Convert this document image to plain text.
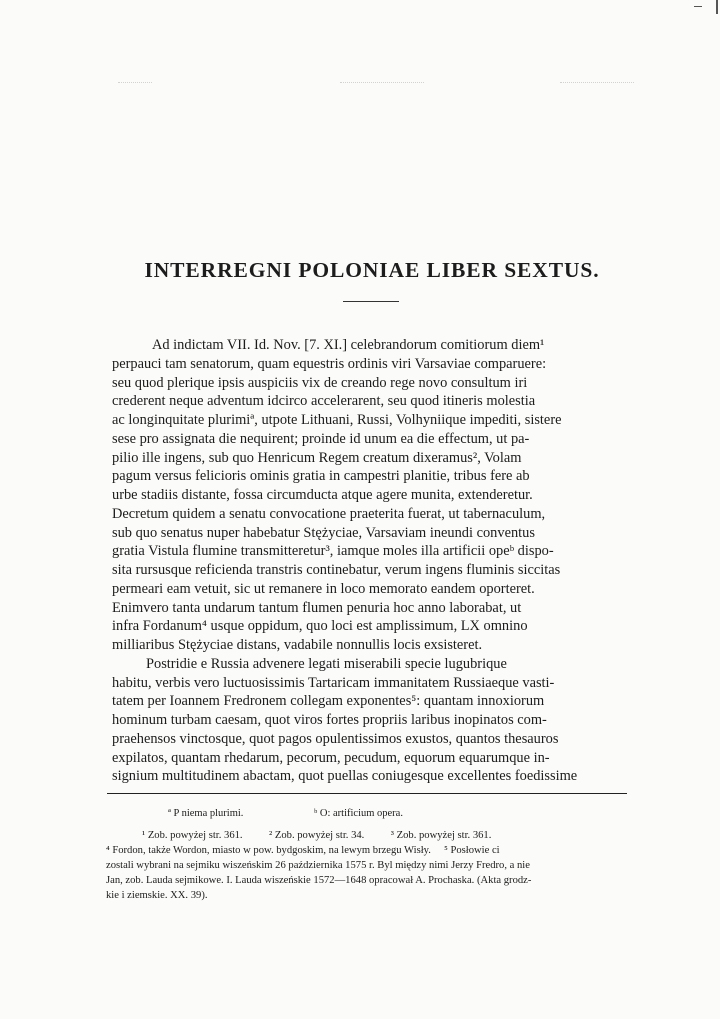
INTERREGNI POLONIAE LIBER SEXTUS.
Ad indictam VII. Id. Nov. [7. XI.] celebrandorum comitiorum diem¹
perpauci tam senatorum, quam equestris ordinis viri Varsaviae comparuere:
seu quod plerique ipsis auspiciis vix de creando rege novo consultum iri
crederent neque adventum idcirco accelerarent, seu quod itineris molestia
ac longinquitate plurimiª, utpote Lithuani, Russi, Volhyniique impediti, sistere
sese pro assignata die nequirent; proinde id unum ea die effectum, ut pa-
pilio ille ingens, sub quo Henricum Regem creatum dixeramus², Volam
pagum versus felicioris ominis gratia in campestri planitie, tribus fere ab
urbe stadiis distante, fossa circumducta atque agere munita, extenderetur.
Decretum quidem a senatu convocatione praeterita fuerat, ut tabernaculum,
sub quo senatus nuper habebatur Stężyciae, Varsaviam ineundi conventus
gratia Vistula flumine transmitteretur³, iamque moles illa artificii opeᵇ dispo-
sita rursusque reficienda transtris continebatur, verum ingens fluminis siccitas
permeari eam vetuit, sic ut remanere in loco memorato eandem oporteret.
Enimvero tanta undarum tantum flumen penuria hoc anno laborabat, ut
infra Fordanum⁴ usque oppidum, quo loci est amplissimum, LX omnino
milliaribus Stężyciae distans, vadabile nonnullis locis exsisteret.
Postridie e Russia advenere legati miserabili specie lugubrique
habitu, verbis vero luctuosissimis Tartaricam immanitatem Russiaeque vasti-
tatem per Ioannem Fredronem collegam exponentes⁵: quantam innoxiorum
hominum turbam caesam, quot viros fortes propriis laribus inopinatos com-
praehensos vinctosque, quot pagos opulentissimos exustos, quantos thesauros
expilatos, quantam rhedarum, pecorum, pecudum, equorum equarumque in-
signium multitudinem abactam, quot puellas coniugesque excellentes foedissime
ª P niema plurimi.	ᵇ O: artificium opera.
¹ Zob. powyżej str. 361.          ² Zob. powyżej str. 34.          ³ Zob. powyżej str. 361.
⁴ Fordon, także Wordon, miasto w pow. bydgoskim, na lewym brzegu Wisły.     ⁵ Posłowie ci
zostali wybrani na sejmiku wiszeńskim 26 października 1575 r. Byl między nimi Jerzy Fredro, a nie
Jan, zob. Lauda sejmikowe. I. Lauda wiszeńskie 1572—1648 opracował A. Prochaska. (Akta grodz-
kie i ziemskie. XX. 39).
